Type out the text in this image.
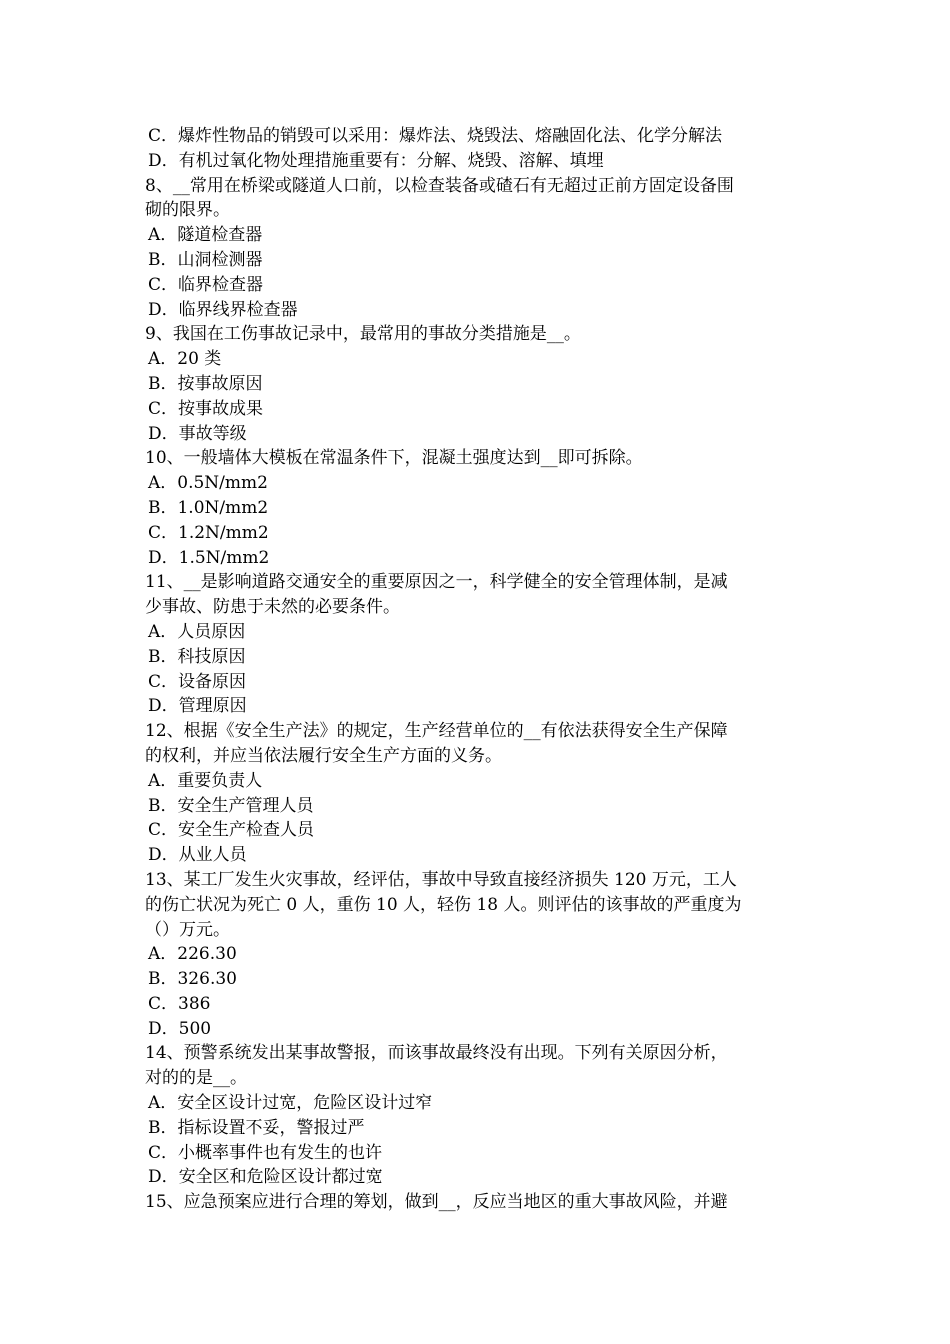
C．爆炸性物品的销毁可以采用：爆炸法、烧毁法、熔融固化法、化学分解法
D．有机过氧化物处理措施重要有：分解、烧毁、溶解、填埋
8、__常用在桥梁或隧道人口前，以检查装备或碴石有无超过正前方固定设备围
砌的限界。
A．隧道检查器
B．山洞检测器
C．临界检查器
D．临界线界检查器
9、我国在工伤事故记录中，最常用的事故分类措施是__。
A．20 类
B．按事故原因
C．按事故成果
D．事故等级
10、一般墙体大模板在常温条件下，混凝土强度达到__即可拆除。
A．0.5N/mm2
B．1.0N/mm2
C．1.2N/mm2
D．1.5N/mm2
11、__是影响道路交通安全的重要原因之一，科学健全的安全管理体制，是减
少事故、防患于未然的必要条件。
A．人员原因
B．科技原因
C．设备原因
D．管理原因
12、根据《安全生产法》的规定，生产经营单位的__有依法获得安全生产保障
的权利，并应当依法履行安全生产方面的义务。
A．重要负责人
B．安全生产管理人员
C．安全生产检查人员
D．从业人员
13、某工厂发生火灾事故，经评估，事故中导致直接经济损失 120 万元，工人
的伤亡状况为死亡 0 人，重伤 10 人，轻伤 18 人。则评估的该事故的严重度为
（）万元。
A．226.30
B．326.30
C．386
D．500
14、预警系统发出某事故警报，而该事故最终没有出现。下列有关原因分析，
对的的是__。
A．安全区设计过宽，危险区设计过窄
B．指标设置不妥，警报过严
C．小概率事件也有发生的也许
D．安全区和危险区设计都过宽
15、应急预案应进行合理的筹划，做到__，反应当地区的重大事故风险，并避
